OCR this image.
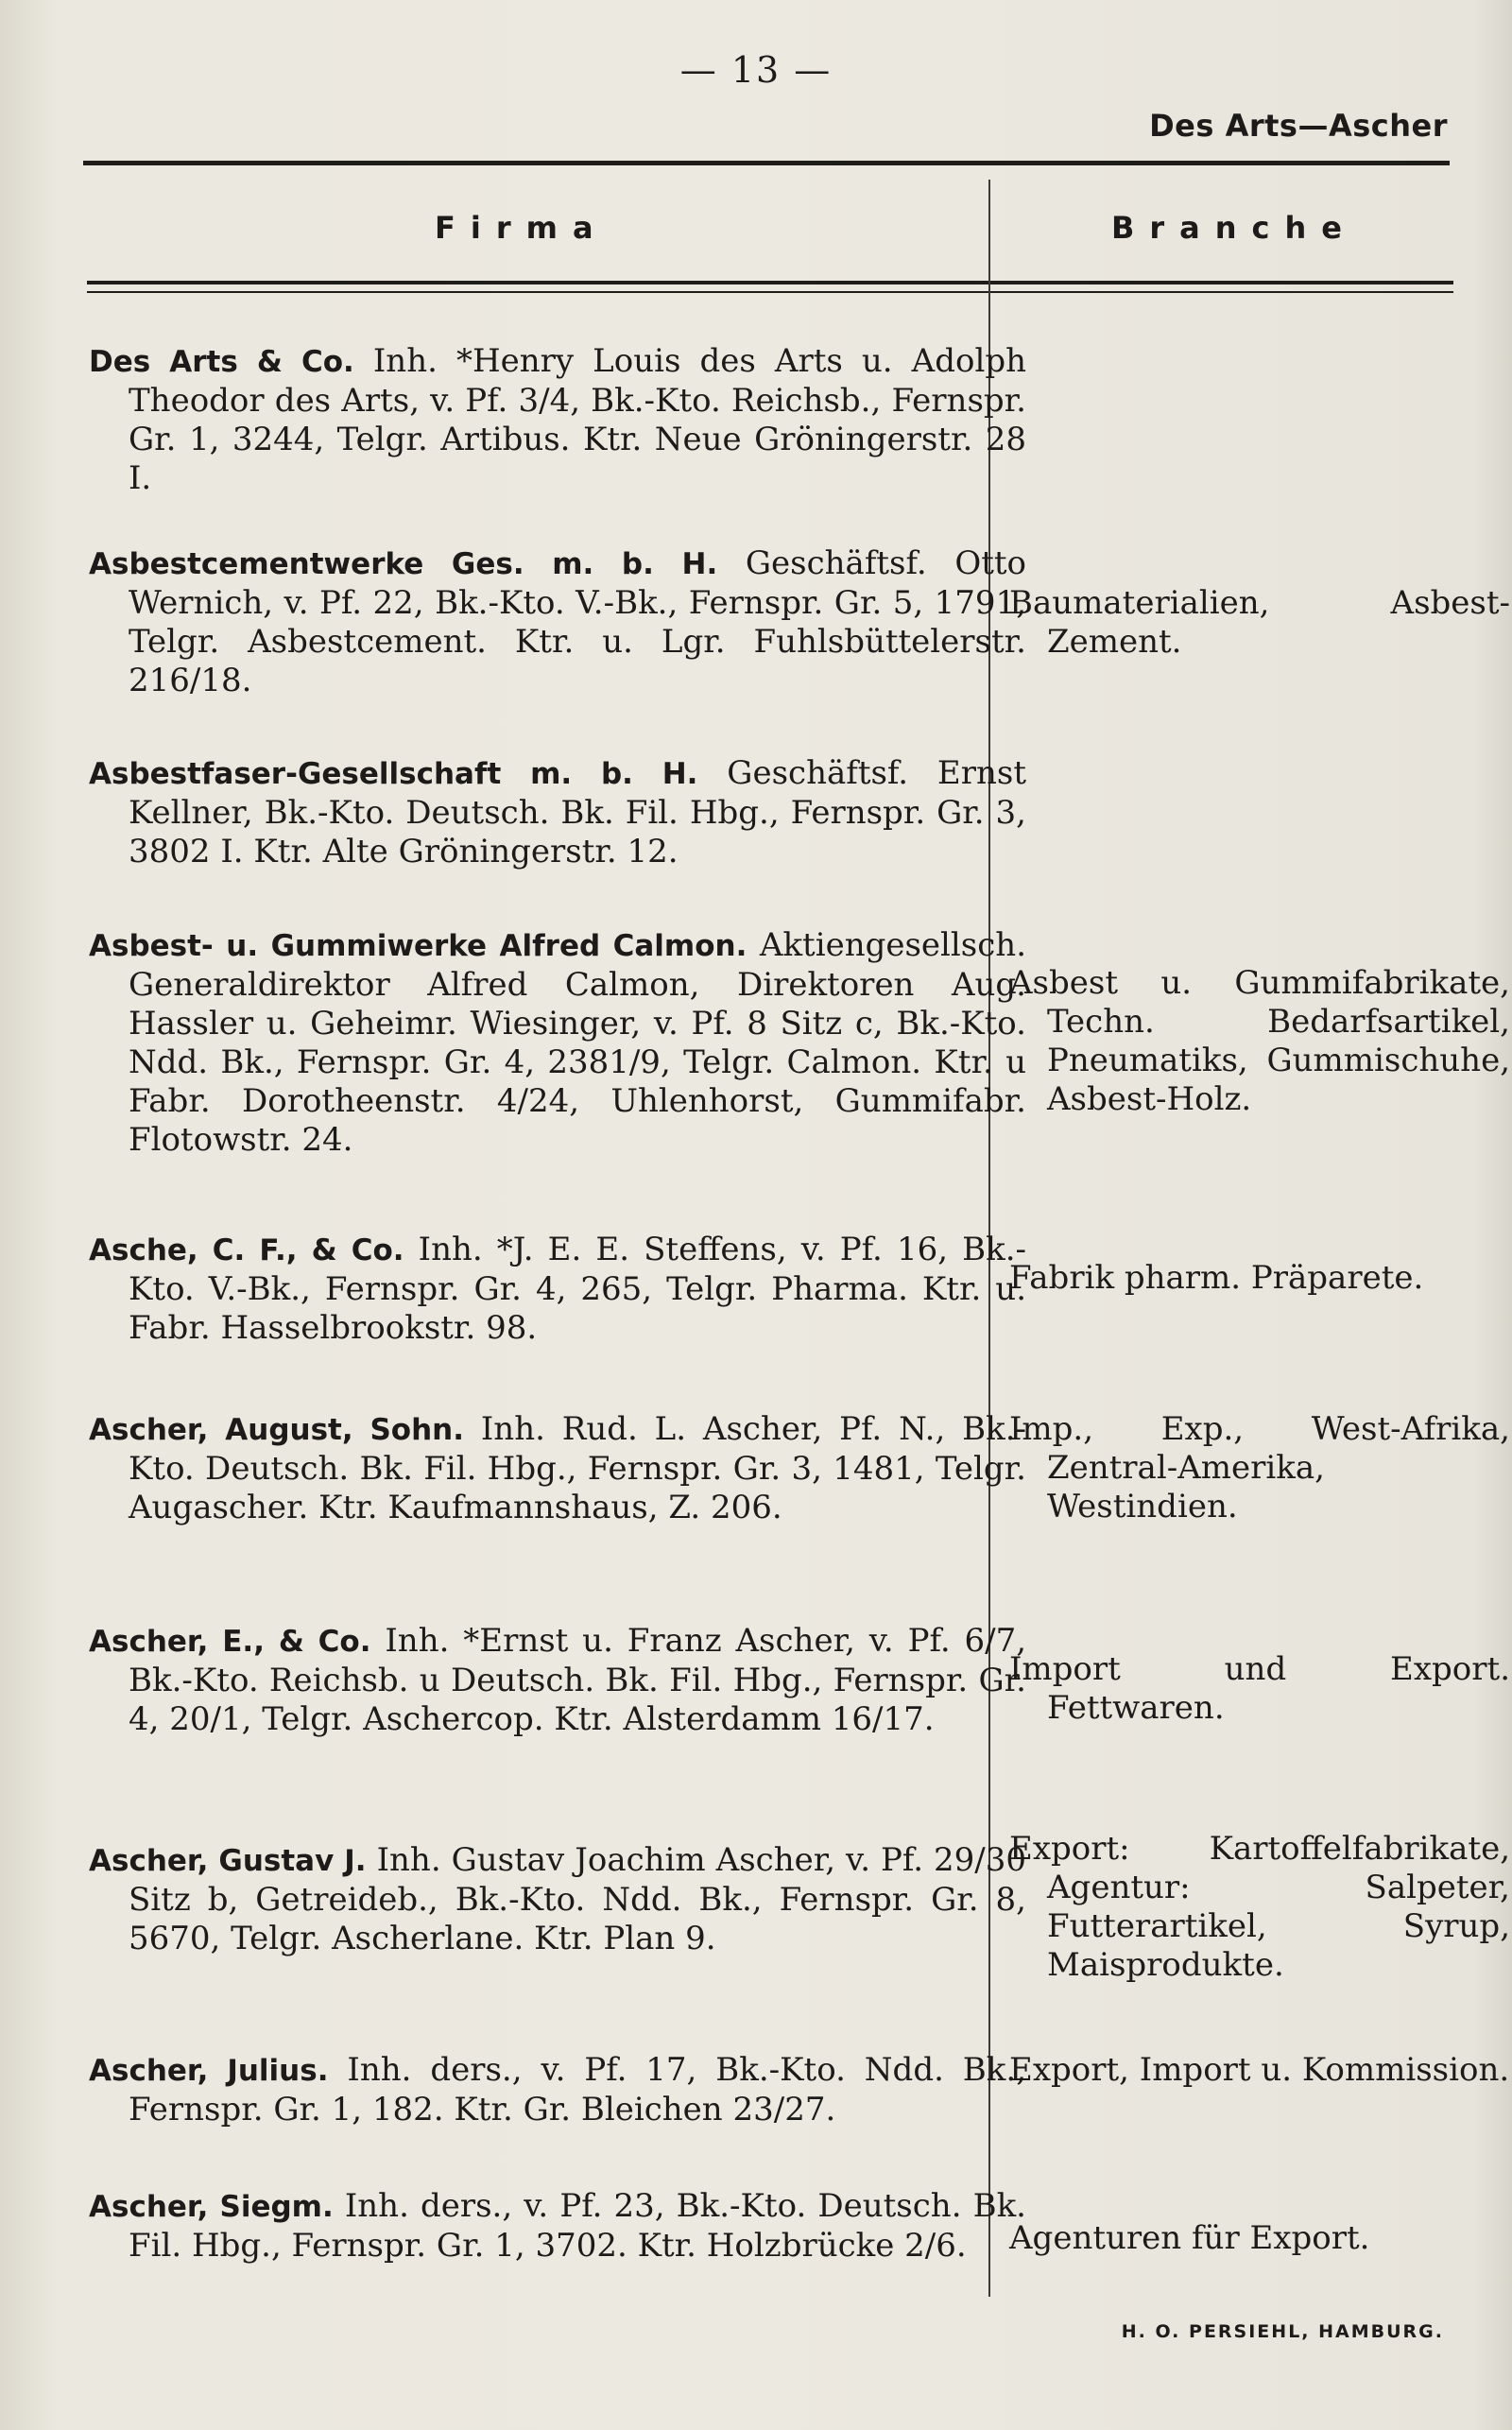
— 13 —
Des Arts—Ascher
Firma	Branche
Des Arts & Co. Inh. *Henry Louis des Arts u. Adolph Theodor des Arts, v. Pf. 3/4, Bk.-Kto. Reichsb., Fernspr. Gr. 1, 3244, Telgr. Artibus. Ktr. Neue Gröningerstr. 28 I.
Asbestcementwerke Ges. m. b. H. Geschäftsf. Otto Wernich, v. Pf. 22, Bk.-Kto. V.-Bk., Fernspr. Gr. 5, 1791, Telgr. Asbestcement. Ktr. u. Lgr. Fuhlsbüttelerstr. 216/18.
Baumaterialien, Asbest-Zement.
Asbestfaser-Gesellschaft m. b. H. Geschäftsf. Ernst Kellner, Bk.-Kto. Deutsch. Bk. Fil. Hbg., Fernspr. Gr. 3, 3802 I. Ktr. Alte Gröningerstr. 12.
Asbest- u. Gummiwerke Alfred Calmon. Aktiengesellsch. Generaldirektor Alfred Calmon, Direktoren Aug. Hassler u. Geheimr. Wiesinger, v. Pf. 8 Sitz c, Bk.-Kto. Ndd. Bk., Fernspr. Gr. 4, 2381/9, Telgr. Calmon. Ktr. u Fabr. Dorotheenstr. 4/24, Uhlenhorst, Gummifabr. Flotowstr. 24.
Asbest u. Gummifabrikate, Techn. Bedarfsartikel, Pneumatiks, Gummischuhe, Asbest-Holz.
Asche, C. F., & Co. Inh. *J. E. E. Steffens, v. Pf. 16, Bk.-Kto. V.-Bk., Fernspr. Gr. 4, 265, Telgr. Pharma. Ktr. u. Fabr. Hasselbrookstr. 98.
Fabrik pharm. Präparete.
Ascher, August, Sohn. Inh. Rud. L. Ascher, Pf. N., Bk.-Kto. Deutsch. Bk. Fil. Hbg., Fernspr. Gr. 3, 1481, Telgr. Augascher. Ktr. Kaufmannshaus, Z. 206.
Imp., Exp., West-Afrika, Zentral-Amerika, Westindien.
Ascher, E., & Co. Inh. *Ernst u. Franz Ascher, v. Pf. 6/7, Bk.-Kto. Reichsb. u Deutsch. Bk. Fil. Hbg., Fernspr. Gr. 4, 20/1, Telgr. Aschercop. Ktr. Alsterdamm 16/17.
Import und Export. Fettwaren.
Ascher, Gustav J. Inh. Gustav Joachim Ascher, v. Pf. 29/30 Sitz b, Getreideb., Bk.-Kto. Ndd. Bk., Fernspr. Gr. 8, 5670, Telgr. Ascherlane. Ktr. Plan 9.
Export: Kartoffelfabrikate, Agentur: Salpeter, Futterartikel, Syrup, Maisprodukte.
Ascher, Julius. Inh. ders., v. Pf. 17, Bk.-Kto. Ndd. Bk., Fernspr. Gr. 1, 182. Ktr. Gr. Bleichen 23/27.
Export, Import u. Kommission.
Ascher, Siegm. Inh. ders., v. Pf. 23, Bk.-Kto. Deutsch. Bk. Fil. Hbg., Fernspr. Gr. 1, 3702. Ktr. Holzbrücke 2/6.	Agenturen für Export.
H. O. PERSIEHL, HAMBURG.
